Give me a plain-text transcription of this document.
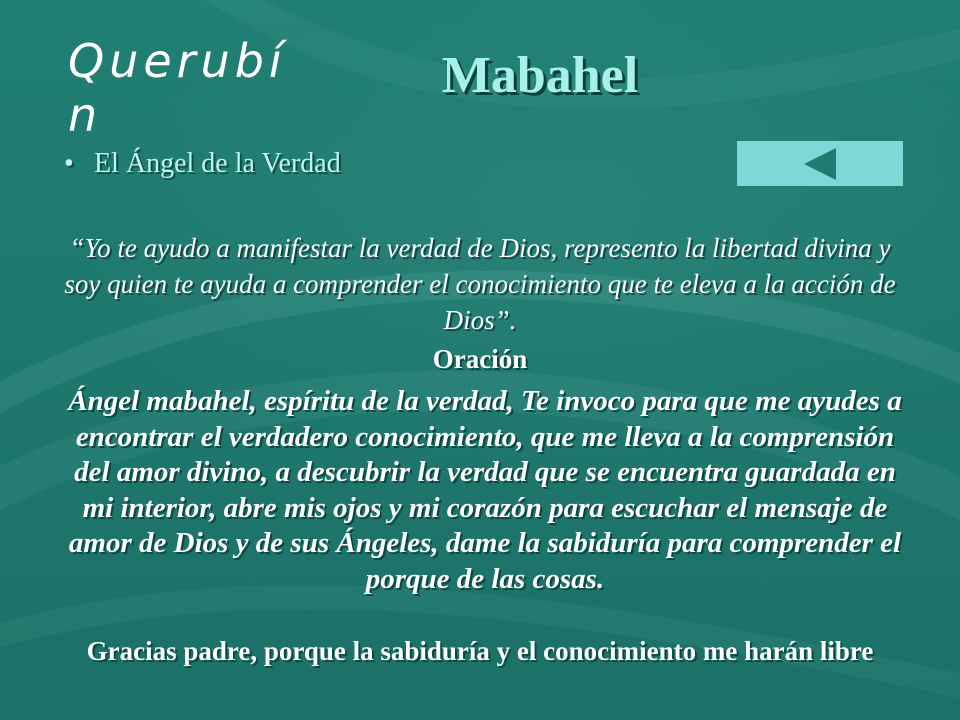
Querubín
Mabahel

• El Ángel de la Verdad

“Yo te ayudo a manifestar la verdad de Dios, represento la libertad divina y soy quien te ayuda a comprender el conocimiento que te eleva a la acción de Dios”.

Oración

Ángel mabahel, espíritu de la verdad, Te invoco para que me ayudes a encontrar el verdadero conocimiento, que me lleva a la comprensión del amor divino, a descubrir la verdad que se encuentra guardada en mi interior, abre mis ojos y mi corazón para escuchar el mensaje de amor de Dios y de sus Ángeles, dame la sabiduría para comprender el porque de las cosas.

Gracias padre, porque la sabiduría y el conocimiento me harán libre
